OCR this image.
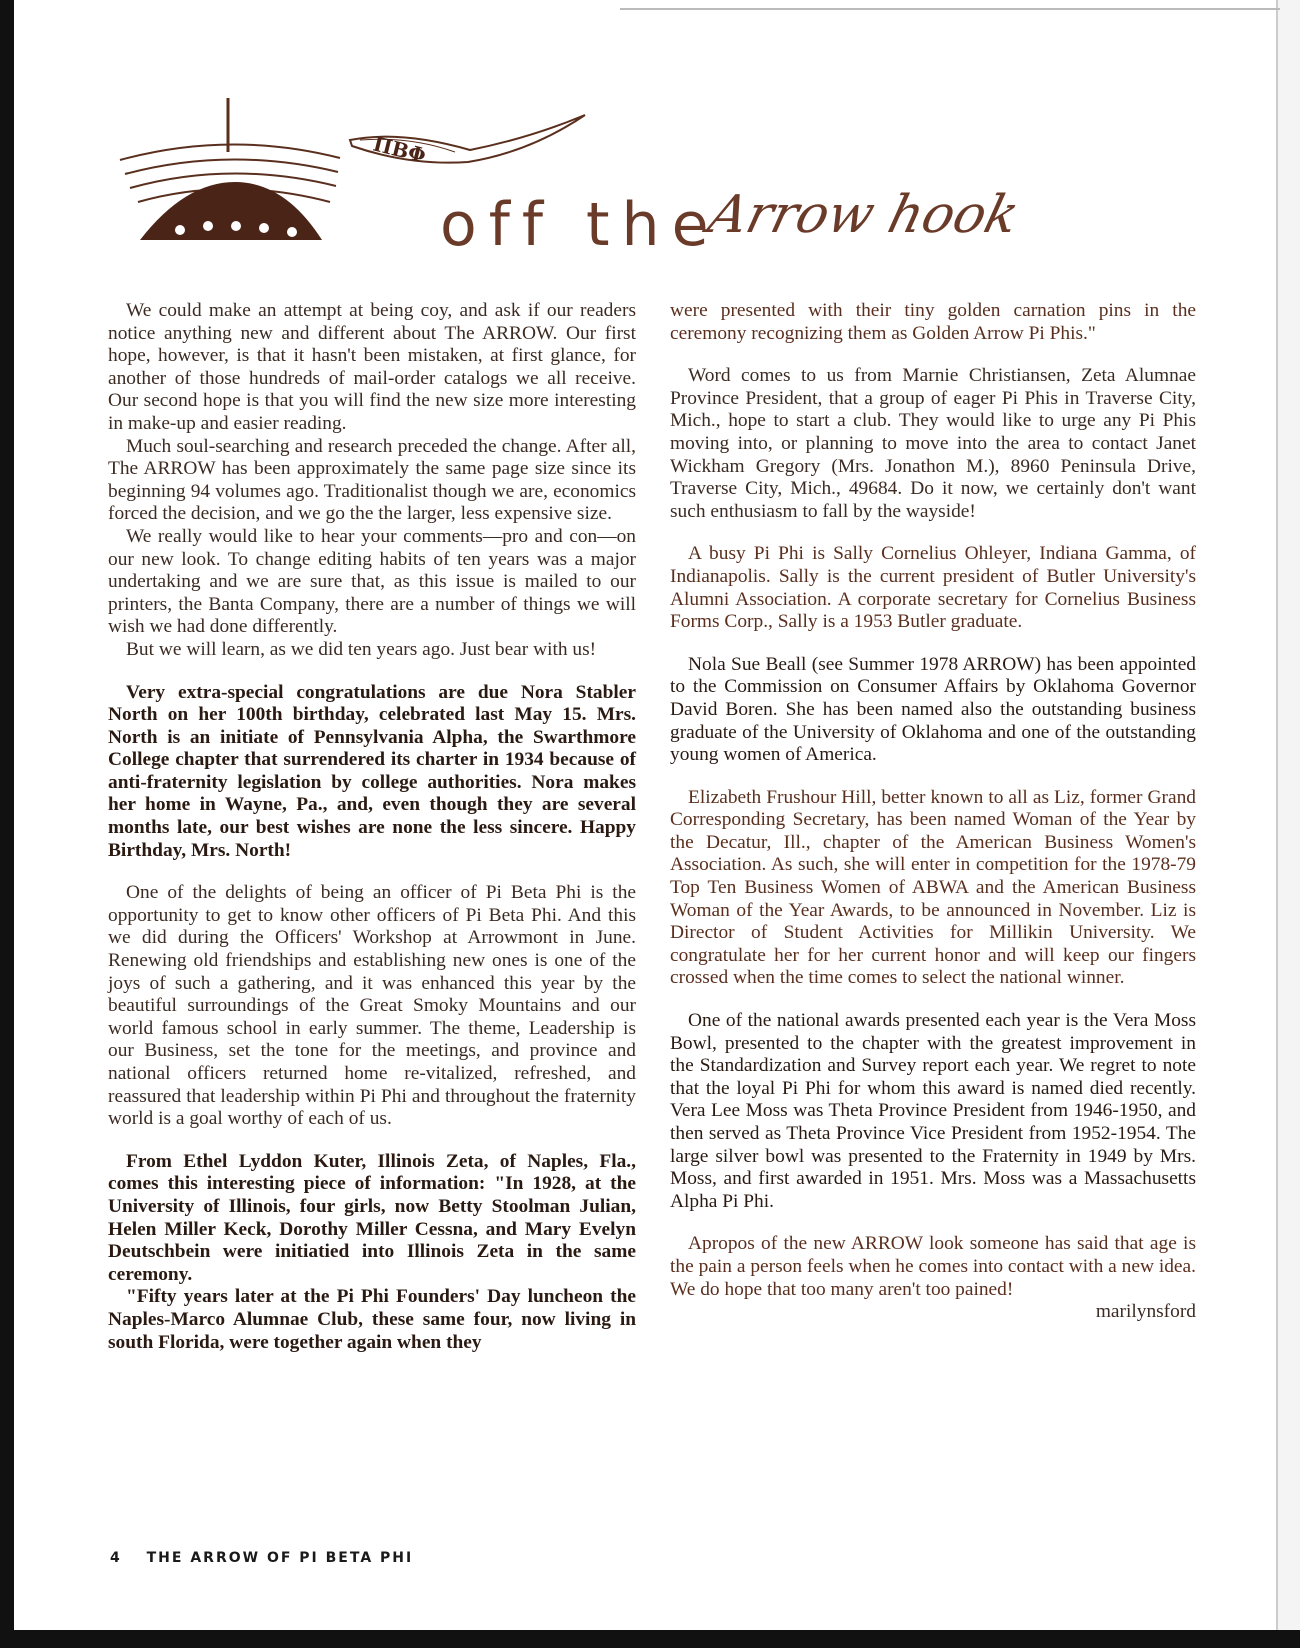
ΠΒΦ
off the
Arrow hook

We could make an attempt at being coy, and ask if our readers notice anything new and different about The ARROW. Our first hope, however, is that it hasn't been mistaken, at first glance, for another of those hundreds of mail-order catalogs we all receive. Our second hope is that you will find the new size more interesting in make-up and easier reading.

Much soul-searching and research preceded the change. After all, The ARROW has been approximately the same page size since its beginning 94 volumes ago. Traditionalist though we are, economics forced the decision, and we go the the larger, less expensive size.

We really would like to hear your comments—pro and con—on our new look. To change editing habits of ten years was a major undertaking and we are sure that, as this issue is mailed to our printers, the Banta Company, there are a number of things we will wish we had done differently.

But we will learn, as we did ten years ago. Just bear with us!

Very extra-special congratulations are due Nora Stabler North on her 100th birthday, celebrated last May 15. Mrs. North is an initiate of Pennsylvania Alpha, the Swarthmore College chapter that surrendered its charter in 1934 because of anti-fraternity legislation by college authorities. Nora makes her home in Wayne, Pa., and, even though they are several months late, our best wishes are none the less sincere. Happy Birthday, Mrs. North!

One of the delights of being an officer of Pi Beta Phi is the opportunity to get to know other officers of Pi Beta Phi. And this we did during the Officers' Workshop at Arrowmont in June. Renewing old friendships and establishing new ones is one of the joys of such a gathering, and it was enhanced this year by the beautiful surroundings of the Great Smoky Mountains and our world famous school in early summer. The theme, Leadership is our Business, set the tone for the meetings, and province and national officers returned home re-vitalized, refreshed, and reassured that leadership within Pi Phi and throughout the fraternity world is a goal worthy of each of us.

From Ethel Lyddon Kuter, Illinois Zeta, of Naples, Fla., comes this interesting piece of information: "In 1928, at the University of Illinois, four girls, now Betty Stoolman Julian, Helen Miller Keck, Dorothy Miller Cessna, and Mary Evelyn Deutschbein were initiatied into Illinois Zeta in the same ceremony.

"Fifty years later at the Pi Phi Founders' Day luncheon the Naples-Marco Alumnae Club, these same four, now living in south Florida, were together again when they

were presented with their tiny golden carnation pins in the ceremony recognizing them as Golden Arrow Pi Phis."

Word comes to us from Marnie Christiansen, Zeta Alumnae Province President, that a group of eager Pi Phis in Traverse City, Mich., hope to start a club. They would like to urge any Pi Phis moving into, or planning to move into the area to contact Janet Wickham Gregory (Mrs. Jonathon M.), 8960 Peninsula Drive, Traverse City, Mich., 49684. Do it now, we certainly don't want such enthusiasm to fall by the wayside!

A busy Pi Phi is Sally Cornelius Ohleyer, Indiana Gamma, of Indianapolis. Sally is the current president of Butler University's Alumni Association. A corporate secretary for Cornelius Business Forms Corp., Sally is a 1953 Butler graduate.

Nola Sue Beall (see Summer 1978 ARROW) has been appointed to the Commission on Consumer Affairs by Oklahoma Governor David Boren. She has been named also the outstanding business graduate of the University of Oklahoma and one of the outstanding young women of America.

Elizabeth Frushour Hill, better known to all as Liz, former Grand Corresponding Secretary, has been named Woman of the Year by the Decatur, Ill., chapter of the American Business Women's Association. As such, she will enter in competition for the 1978-79 Top Ten Business Women of ABWA and the American Business Woman of the Year Awards, to be announced in November. Liz is Director of Student Activities for Millikin University. We congratulate her for her current honor and will keep our fingers crossed when the time comes to select the national winner.

One of the national awards presented each year is the Vera Moss Bowl, presented to the chapter with the greatest improvement in the Standardization and Survey report each year. We regret to note that the loyal Pi Phi for whom this award is named died recently. Vera Lee Moss was Theta Province President from 1946-1950, and then served as Theta Province Vice President from 1952-1954. The large silver bowl was presented to the Fraternity in 1949 by Mrs. Moss, and first awarded in 1951. Mrs. Moss was a Massachusetts Alpha Pi Phi.

Apropos of the new ARROW look someone has said that age is the pain a person feels when he comes into contact with a new idea. We do hope that too many aren't too pained!

marilynsford

4 THE ARROW OF PI BETA PHI
